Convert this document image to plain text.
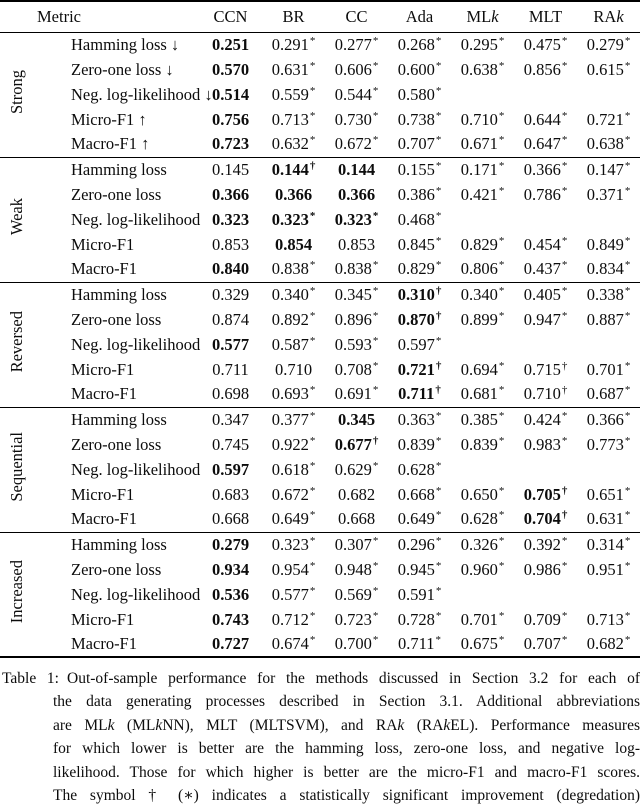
Metric		CCN	BR	CC	Ada	MLk	MLT	RAk
Strong	Hamming loss ↓	0.251	0.291*	0.277*	0.268*	0.295*	0.475*	0.279*
	Zero-one loss ↓	0.570	0.631*	0.606*	0.600*	0.638*	0.856*	0.615*
	Neg. log-likelihood ↓	0.514	0.559*	0.544*	0.580*			
	Micro-F1 ↑	0.756	0.713*	0.730*	0.738*	0.710*	0.644*	0.721*
	Macro-F1 ↑	0.723	0.632*	0.672*	0.707*	0.671*	0.647*	0.638*
Weak	Hamming loss	0.145	0.144†	0.144	0.155*	0.171*	0.366*	0.147*
	Zero-one loss	0.366	0.366	0.366	0.386*	0.421*	0.786*	0.371*
	Neg. log-likelihood	0.323	0.323*	0.323*	0.468*			
	Micro-F1	0.853	0.854	0.853	0.845*	0.829*	0.454*	0.849*
	Macro-F1	0.840	0.838*	0.838*	0.829*	0.806*	0.437*	0.834*
Reversed	Hamming loss	0.329	0.340*	0.345*	0.310†	0.340*	0.405*	0.338*
	Zero-one loss	0.874	0.892*	0.896*	0.870†	0.899*	0.947*	0.887*
	Neg. log-likelihood	0.577	0.587*	0.593*	0.597*			
	Micro-F1	0.711	0.710	0.708*	0.721†	0.694*	0.715†	0.701*
	Macro-F1	0.698	0.693*	0.691*	0.711†	0.681*	0.710†	0.687*
Sequential	Hamming loss	0.347	0.377*	0.345	0.363*	0.385*	0.424*	0.366*
	Zero-one loss	0.745	0.922*	0.677†	0.839*	0.839*	0.983*	0.773*
	Neg. log-likelihood	0.597	0.618*	0.629*	0.628*			
	Micro-F1	0.683	0.672*	0.682	0.668*	0.650*	0.705†	0.651*
	Macro-F1	0.668	0.649*	0.668	0.649*	0.628*	0.704†	0.631*
Increased	Hamming loss	0.279	0.323*	0.307*	0.296*	0.326*	0.392*	0.314*
	Zero-one loss	0.934	0.954*	0.948*	0.945*	0.960*	0.986*	0.951*
	Neg. log-likelihood	0.536	0.577*	0.569*	0.591*			
	Micro-F1	0.743	0.712*	0.723*	0.728*	0.701*	0.709*	0.713*
	Macro-F1	0.727	0.674*	0.700*	0.711*	0.675*	0.707*	0.682*
Table 1: Out-of-sample performance for the methods discussed in Section 3.2 for each of
the data generating processes described in Section 3.1. Additional abbreviations
are MLk (MLkNN), MLT (MLTSVM), and RAk (RAkEL). Performance measures
for which lower is better are the hamming loss, zero-one loss, and negative log-
likelihood. Those for which higher is better are the micro-F1 and macro-F1 scores.
The symbol † (∗) indicates a statistically significant improvement (degredation)
